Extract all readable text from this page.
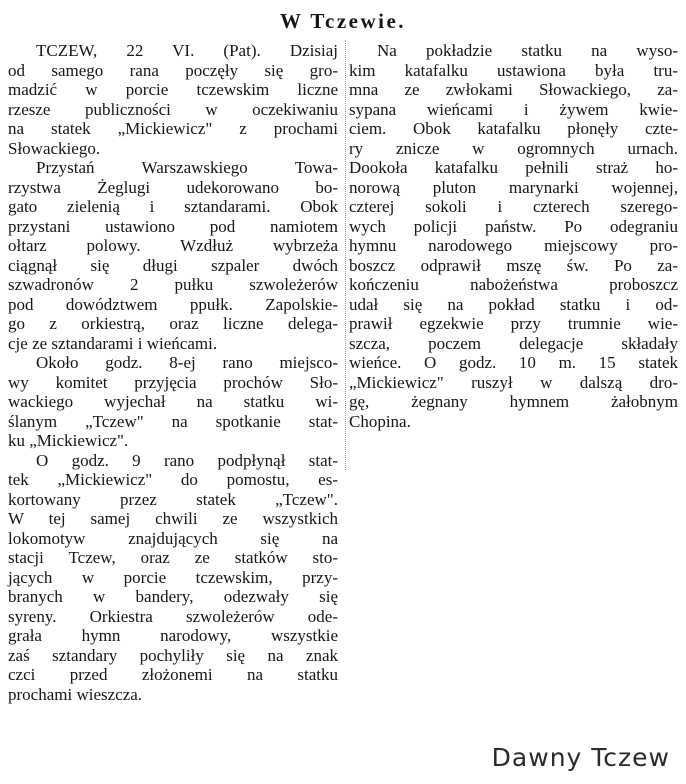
W Tczewie.
TCZEW, 22 VI. (Pat). Dzisiaj
od samego rana poczęły się gro-
madzić w porcie tczewskim liczne
rzesze publiczności w oczekiwaniu
na statek „Mickiewicz" z prochami
Słowackiego.
Przystań Warszawskiego Towa-
rzystwa Żeglugi udekorowano bo-
gato zielenią i sztandarami. Obok
przystani ustawiono pod namiotem
ołtarz polowy. Wzdłuż wybrzeża
ciągnął się długi szpaler dwóch
szwadronów 2 pułku szwoleżerów
pod dowództwem ppułk. Zapolskie-
go z orkiestrą, oraz liczne delega-
cje ze sztandarami i wieńcami.
Około godz. 8-ej rano miejsco-
wy komitet przyjęcia prochów Sło-
wackiego wyjechał na statku wi-
ślanym „Tczew" na spotkanie stat-
ku „Mickiewicz".
O godz. 9 rano podpłynął stat-
tek „Mickiewicz" do pomostu, es-
kortowany przez statek „Tczew".
W tej samej chwili ze wszystkich
lokomotyw znajdujących się na
stacji Tczew, oraz ze statków sto-
jących w porcie tczewskim, przy-
branych w bandery, odezwały się
syreny. Orkiestra szwoleżerów ode-
grała hymn narodowy, wszystkie
zaś sztandary pochyliły się na znak
czci przed złożonemi na statku
prochami wieszcza.
Na pokładzie statku na wyso-
kim katafalku ustawiona była tru-
mna ze zwłokami Słowackiego, za-
sypana wieńcami i żywem kwie-
ciem. Obok katafalku płonęły czte-
ry znicze w ogromnych urnach.
Dookoła katafalku pełnili straż ho-
norową pluton marynarki wojennej,
czterej sokoli i czterech szerego-
wych policji państw. Po odegraniu
hymnu narodowego miejscowy pro-
boszcz odprawił mszę św. Po za-
kończeniu nabożeństwa proboszcz
udał się na pokład statku i od-
prawił egzekwie przy trumnie wie-
szcza, poczem delegacje składały
wieńce. O godz. 10 m. 15 statek
„Mickiewicz" ruszył w dalszą dro-
gę, żegnany hymnem żałobnym
Chopina.
Dawny Tczew
